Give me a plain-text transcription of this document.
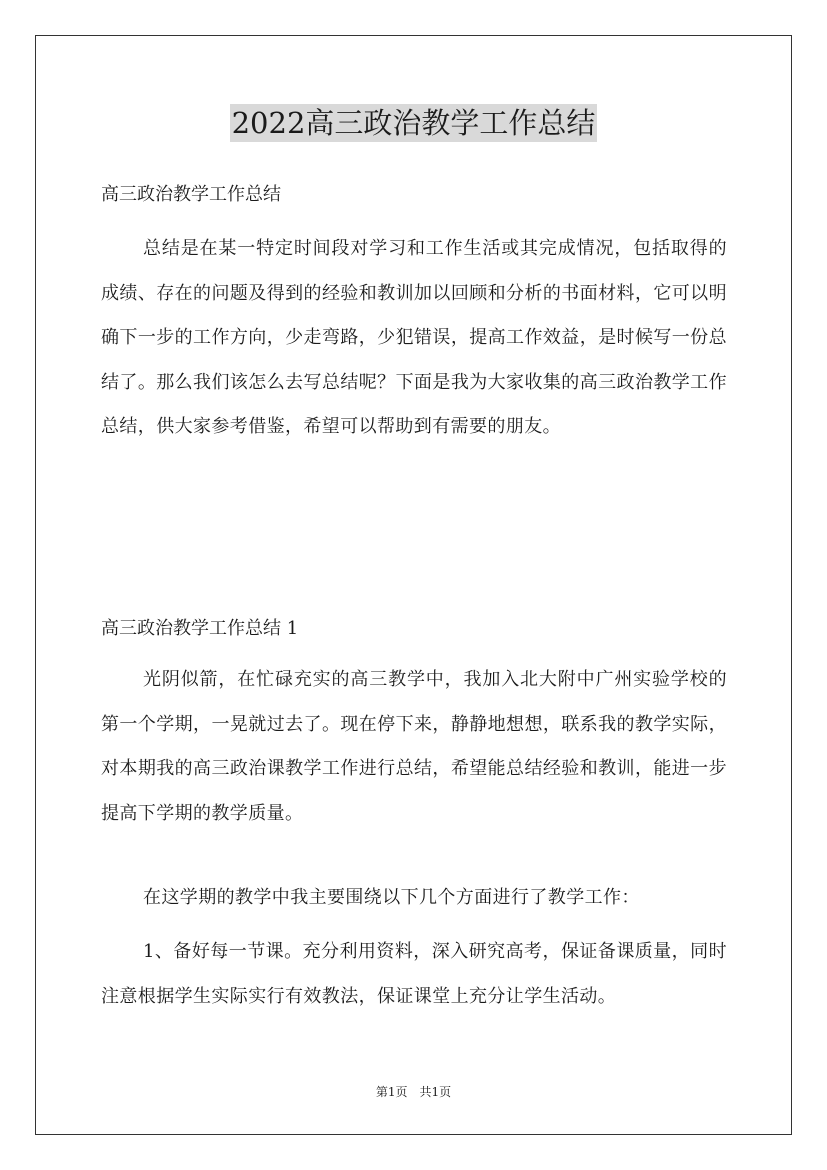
2022高三政治教学工作总结

高三政治教学工作总结

总结是在某一特定时间段对学习和工作生活或其完成情况，包括取得的成绩、存在的问题及得到的经验和教训加以回顾和分析的书面材料，它可以明确下一步的工作方向，少走弯路，少犯错误，提高工作效益，是时候写一份总结了。那么我们该怎么去写总结呢？下面是我为大家收集的高三政治教学工作总结，供大家参考借鉴，希望可以帮助到有需要的朋友。

高三政治教学工作总结 1

光阴似箭，在忙碌充实的高三教学中，我加入北大附中广州实验学校的第一个学期，一晃就过去了。现在停下来，静静地想想，联系我的教学实际，对本期我的高三政治课教学工作进行总结，希望能总结经验和教训，能进一步提高下学期的教学质量。

在这学期的教学中我主要围绕以下几个方面进行了教学工作：

1、备好每一节课。充分利用资料，深入研究高考，保证备课质量，同时注意根据学生实际实行有效教法，保证课堂上充分让学生活动。

第1页　共1页
